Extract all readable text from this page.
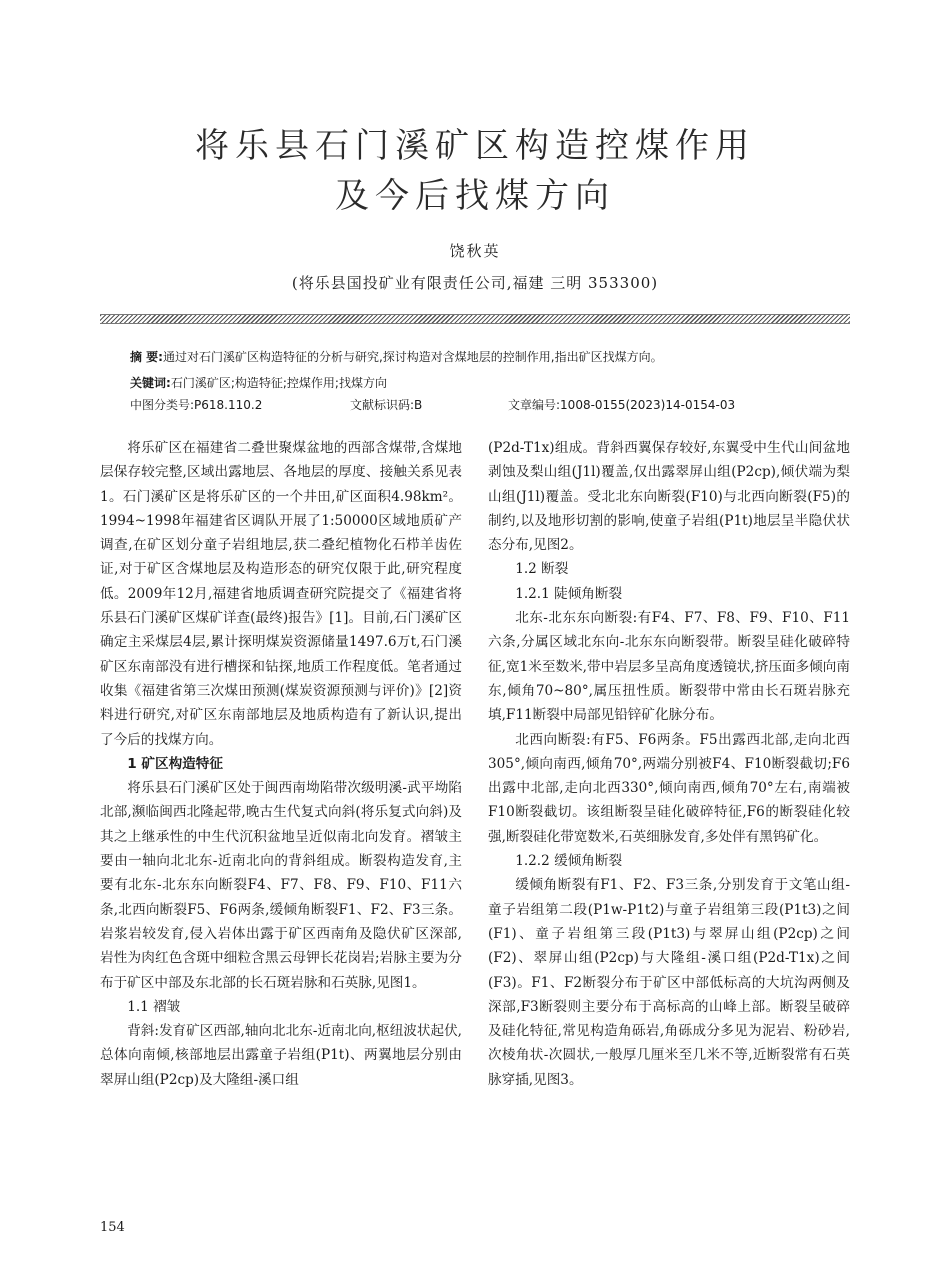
将乐县石门溪矿区构造控煤作用
及今后找煤方向
饶秋英
(将乐县国投矿业有限责任公司,福建 三明 353300)
摘 要:通过对石门溪矿区构造特征的分析与研究,探讨构造对含煤地层的控制作用,指出矿区找煤方向。
关键词:石门溪矿区;构造特征;控煤作用;找煤方向
中图分类号:P618.110.2	文献标识码:B	文章编号:1008-0155(2023)14-0154-03

将乐矿区在福建省二叠世聚煤盆地的西部含煤带,含煤地层保存较完整,区域出露地层、各地层的厚度、接触关系见表1。石门溪矿区是将乐矿区的一个井田,矿区面积4.98km²。1994~1998年福建省区调队开展了1:50000区域地质矿产调查,在矿区划分童子岩组地层,获二叠纪植物化石栉羊齿佐证,对于矿区含煤地层及构造形态的研究仅限于此,研究程度低。2009年12月,福建省地质调查研究院提交了《福建省将乐县石门溪矿区煤矿详查(最终)报告》[1]。目前,石门溪矿区确定主采煤层4层,累计探明煤炭资源储量1497.6万t,石门溪矿区东南部没有进行槽探和钻探,地质工作程度低。笔者通过收集《福建省第三次煤田预测(煤炭资源预测与评价)》[2]资料进行研究,对矿区东南部地层及地质构造有了新认识,提出了今后的找煤方向。

1 矿区构造特征

将乐县石门溪矿区处于闽西南坳陷带次级明溪-武平坳陷北部,濒临闽西北隆起带,晚古生代复式向斜(将乐复式向斜)及其之上继承性的中生代沉积盆地呈近似南北向发育。褶皱主要由一轴向北北东-近南北向的背斜组成。断裂构造发育,主要有北东-北东东向断裂F4、F7、F8、F9、F10、F11六条,北西向断裂F5、F6两条,缓倾角断裂F1、F2、F3三条。岩浆岩较发育,侵入岩体出露于矿区西南角及隐伏矿区深部,岩性为肉红色含斑中细粒含黑云母钾长花岗岩;岩脉主要为分布于矿区中部及东北部的长石斑岩脉和石英脉,见图1。

1.1 褶皱

背斜:发育矿区西部,轴向北北东-近南北向,枢纽波状起伏,总体向南倾,核部地层出露童子岩组(P1t)、两翼地层分别由翠屏山组(P2cp)及大隆组-溪口组

(P2d-T1x)组成。背斜西翼保存较好,东翼受中生代山间盆地剥蚀及梨山组(J1l)覆盖,仅出露翠屏山组(P2cp),倾伏端为梨山组(J1l)覆盖。受北北东向断裂(F10)与北西向断裂(F5)的制约,以及地形切割的影响,使童子岩组(P1t)地层呈半隐伏状态分布,见图2。

1.2 断裂
1.2.1 陡倾角断裂

北东-北东东向断裂:有F4、F7、F8、F9、F10、F11六条,分属区域北东向-北东东向断裂带。断裂呈硅化破碎特征,宽1米至数米,带中岩层多呈高角度透镜状,挤压面多倾向南东,倾角70~80°,属压扭性质。断裂带中常由长石斑岩脉充填,F11断裂中局部见铅锌矿化脉分布。

北西向断裂:有F5、F6两条。F5出露西北部,走向北西305°,倾向南西,倾角70°,两端分别被F4、F10断裂截切;F6出露中北部,走向北西330°,倾向南西,倾角70°左右,南端被F10断裂截切。该组断裂呈硅化破碎特征,F6的断裂硅化较强,断裂硅化带宽数米,石英细脉发育,多处伴有黑钨矿化。

1.2.2 缓倾角断裂

缓倾角断裂有F1、F2、F3三条,分别发育于文笔山组-童子岩组第二段(P1w-P1t2)与童子岩组第三段(P1t3)之间(F1)、童子岩组第三段(P1t3)与翠屏山组(P2cp)之间(F2)、翠屏山组(P2cp)与大隆组-溪口组(P2d-T1x)之间(F3)。F1、F2断裂分布于矿区中部低标高的大坑沟两侧及深部,F3断裂则主要分布于高标高的山峰上部。断裂呈破碎及硅化特征,常见构造角砾岩,角砾成分多见为泥岩、粉砂岩,次棱角状-次圆状,一般厚几厘米至几米不等,近断裂常有石英脉穿插,见图3。

154
